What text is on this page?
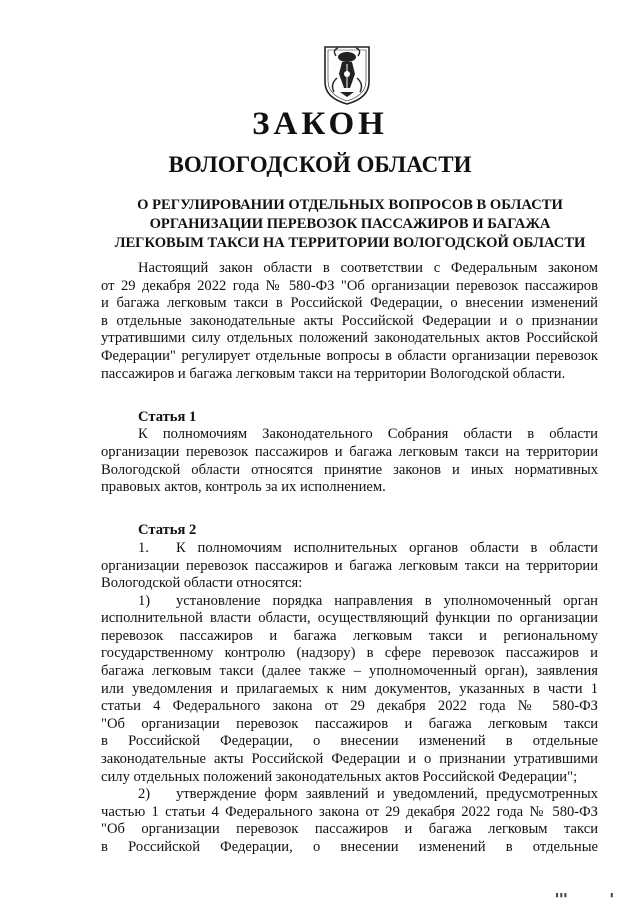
ЗАКОН
ВОЛОГОДСКОЙ ОБЛАСТИ
О РЕГУЛИРОВАНИИ ОТДЕЛЬНЫХ ВОПРОСОВ В ОБЛАСТИ
ОРГАНИЗАЦИИ ПЕРЕВОЗОК ПАССАЖИРОВ И БАГАЖА
ЛЕГКОВЫМ ТАКСИ НА ТЕРРИТОРИИ ВОЛОГОДСКОЙ ОБЛАСТИ
Настоящий закон области в соответствии с Федеральным законом
от 29 декабря 2022 года № 580-ФЗ "Об организации перевозок пассажиров
и багажа легковым такси в Российской Федерации, о внесении изменений
в отдельные законодательные акты Российской Федерации и о признании
утратившими силу отдельных положений законодательных актов Российской
Федерации" регулирует отдельные вопросы в области организации перевозок
пассажиров и багажа легковым такси на территории Вологодской области.
Статья 1
К полномочиям Законодательного Собрания области в области
организации перевозок пассажиров и багажа легковым такси на территории
Вологодской области относятся принятие законов и иных нормативных
правовых актов, контроль за их исполнением.
Статья 2
1.	К полномочиям исполнительных органов области в области
организации перевозок пассажиров и багажа легковым такси на территории
Вологодской области относятся:
1)	установление порядка направления в уполномоченный орган
исполнительной власти области, осуществляющий функции по организации
перевозок пассажиров и багажа легковым такси и региональному
государственному контролю (надзору) в сфере перевозок пассажиров и
багажа легковым такси (далее также – уполномоченный орган), заявления
или уведомления и прилагаемых к ним документов, указанных в части 1
статьи 4 Федерального закона от 29 декабря 2022 года № 580-ФЗ
"Об организации перевозок пассажиров и багажа легковым такси
в Российской Федерации, о внесении изменений в отдельные
законодательные акты Российской Федерации и о признании утратившими
силу отдельных положений законодательных актов Российской Федерации";
2)	утверждение форм заявлений и уведомлений, предусмотренных
частью 1 статьи 4 Федерального закона от 29 декабря 2022 года № 580-ФЗ
"Об организации перевозок пассажиров и багажа легковым такси
в Российской Федерации, о внесении изменений в отдельные
▮▮▮          ▮
